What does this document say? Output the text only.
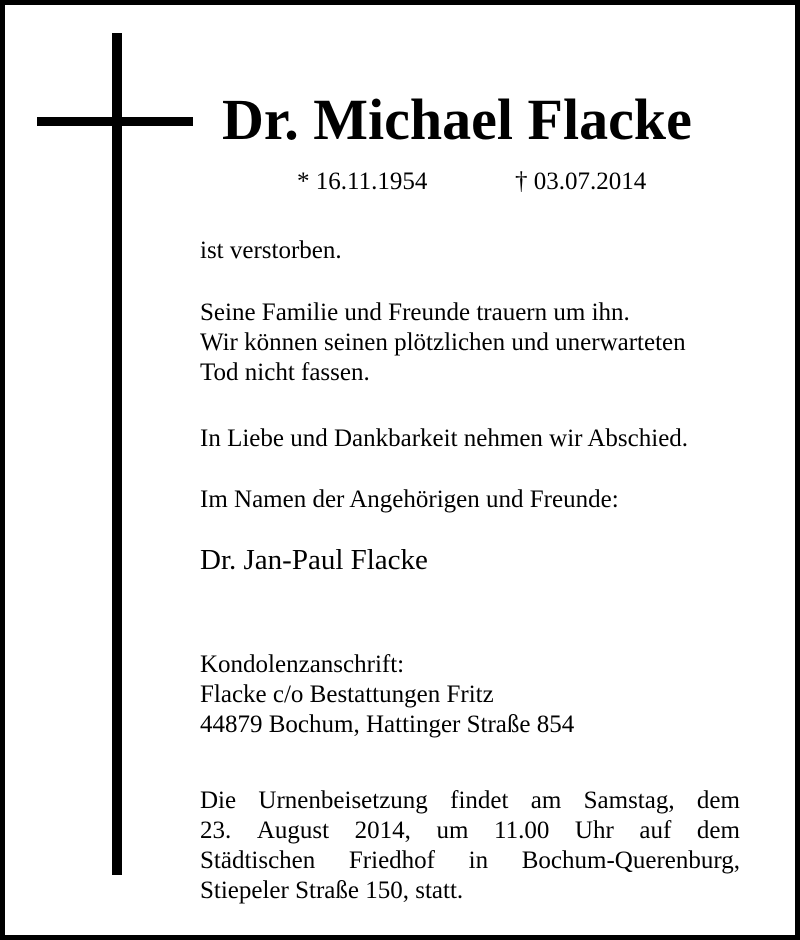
Dr. Michael Flacke
* 16.11.1954	† 03.07.2014

ist verstorben.

Seine Familie und Freunde trauern um ihn.
Wir können seinen plötzlichen und unerwarteten
Tod nicht fassen.

In Liebe und Dankbarkeit nehmen wir Abschied.

Im Namen der Angehörigen und Freunde:

Dr. Jan-Paul Flacke

Kondolenzanschrift:
Flacke c/o Bestattungen Fritz
44879 Bochum, Hattinger Straße 854

Die Urnenbeisetzung findet am Samstag, dem
23. August 2014, um 11.00 Uhr auf dem
Städtischen Friedhof in Bochum-Querenburg,
Stiepeler Straße 150, statt.
